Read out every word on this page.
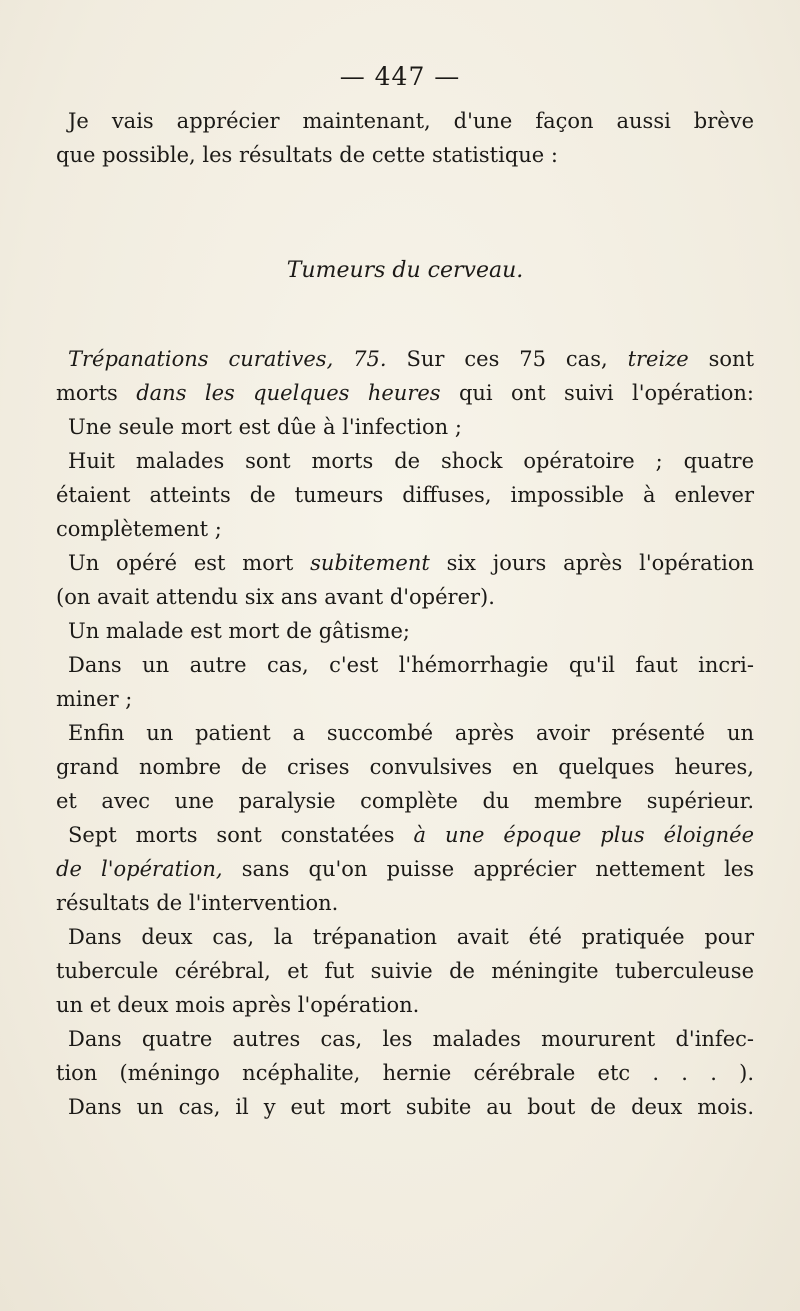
— 447 —
Je vais apprécier maintenant, d'une façon aussi brève
que possible, les résultats de cette statistique :
Tumeurs du cerveau.
Trépanations curatives, 75. Sur ces 75 cas, treize sont
morts dans les quelques heures qui ont suivi l'opération:
Une seule mort est dûe à l'infection ;
Huit malades sont morts de shock opératoire ; quatre
étaient atteints de tumeurs diffuses, impossible à enlever
complètement ;
Un opéré est mort subitement six jours après l'opération
(on avait attendu six ans avant d'opérer).
Un malade est mort de gâtisme;
Dans un autre cas, c'est l'hémorrhagie qu'il faut incri-
miner ;
Enfin un patient a succombé après avoir présenté un
grand nombre de crises convulsives en quelques heures,
et avec une paralysie complète du membre supérieur.
Sept morts sont constatées à une époque plus éloignée
de l'opération, sans qu'on puisse apprécier nettement les
résultats de l'intervention.
Dans deux cas, la trépanation avait été pratiquée pour
tubercule cérébral, et fut suivie de méningite tuberculeuse
un et deux mois après l'opération.
Dans quatre autres cas, les malades moururent d'infec-
tion (méningo ncéphalite, hernie cérébrale etc . . . ).
Dans un cas, il y eut mort subite au bout de deux mois.
